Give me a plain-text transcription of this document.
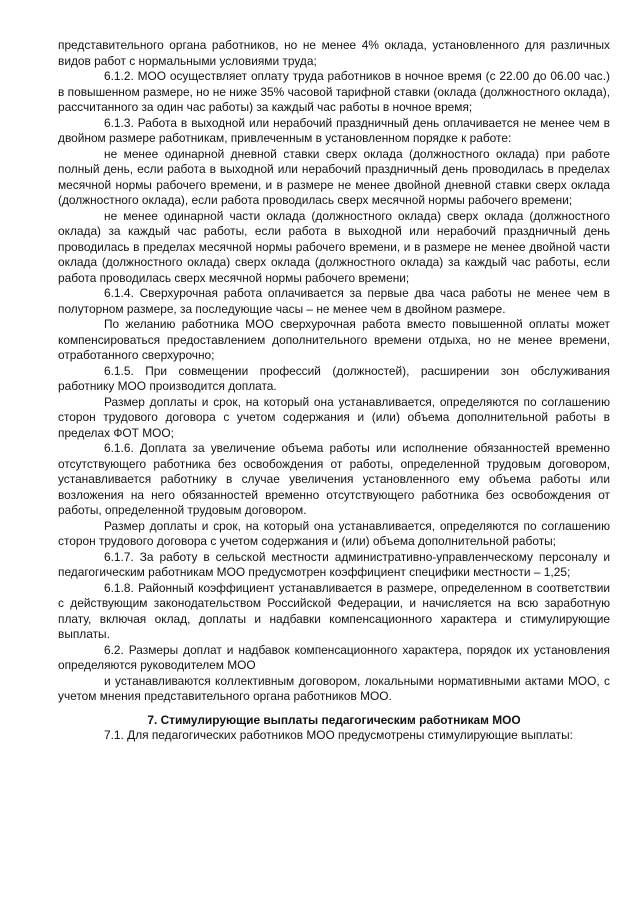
представительного органа работников, но не менее 4% оклада, установленного для различных видов работ с нормальными условиями труда;

6.1.2. МОО осуществляет оплату труда работников в ночное время (с 22.00 до 06.00 час.) в повышенном размере, но не ниже 35% часовой тарифной ставки (оклада (должностного оклада), рассчитанного за один час работы) за каждый час работы в ночное время;

6.1.3. Работа в выходной или нерабочий праздничный день оплачивается не менее чем в двойном размере работникам, привлеченным в установленном порядке к работе:

не менее одинарной дневной ставки сверх оклада (должностного оклада) при работе полный день, если работа в выходной или нерабочий праздничный день проводилась в пределах месячной нормы рабочего времени, и в размере не менее двойной дневной ставки сверх оклада (должностного оклада), если работа проводилась сверх месячной нормы рабочего времени;

не менее одинарной части оклада (должностного оклада) сверх оклада (должностного оклада) за каждый час работы, если работа в выходной или нерабочий праздничный день проводилась в пределах месячной нормы рабочего времени, и в размере не менее двойной части оклада (должностного оклада) сверх оклада (должностного оклада) за каждый час работы, если работа проводилась сверх месячной нормы рабочего времени;

6.1.4. Сверхурочная работа оплачивается за первые два часа работы не менее чем в полуторном размере, за последующие часы – не менее чем в двойном размере.

По желанию работника МОО сверхурочная работа вместо повышенной оплаты может компенсироваться предоставлением дополнительного времени отдыха, но не менее времени, отработанного сверхурочно;

6.1.5. При совмещении профессий (должностей), расширении зон обслуживания работнику МОО производится доплата.

Размер доплаты и срок, на который она устанавливается, определяются по соглашению сторон трудового договора с учетом содержания и (или) объема дополнительной работы в пределах ФОТ МОО;

6.1.6. Доплата за увеличение объема работы или исполнение обязанностей временно отсутствующего работника без освобождения от работы, определенной трудовым договором, устанавливается работнику в случае увеличения установленного ему объема работы или возложения на него обязанностей временно отсутствующего работника без освобождения от работы, определенной трудовым договором.

Размер доплаты и срок, на который она устанавливается, определяются по соглашению сторон трудового договора с учетом содержания и (или) объема дополнительной работы;

6.1.7. За работу в сельской местности административно-управленческому персоналу и педагогическим работникам МОО предусмотрен коэффициент специфики местности – 1,25;

6.1.8. Районный коэффициент устанавливается в размере, определенном в соответствии с действующим законодательством Российской Федерации, и начисляется на всю заработную плату, включая оклад, доплаты и надбавки компенсационного характера и стимулирующие выплаты.

6.2. Размеры доплат и надбавок компенсационного характера, порядок их установления определяются руководителем МОО

и устанавливаются коллективным договором, локальными нормативными актами МОО, с учетом мнения представительного органа работников МОО.

7. Стимулирующие выплаты педагогическим работникам МОО

7.1. Для педагогических работников МОО предусмотрены стимулирующие выплаты:
